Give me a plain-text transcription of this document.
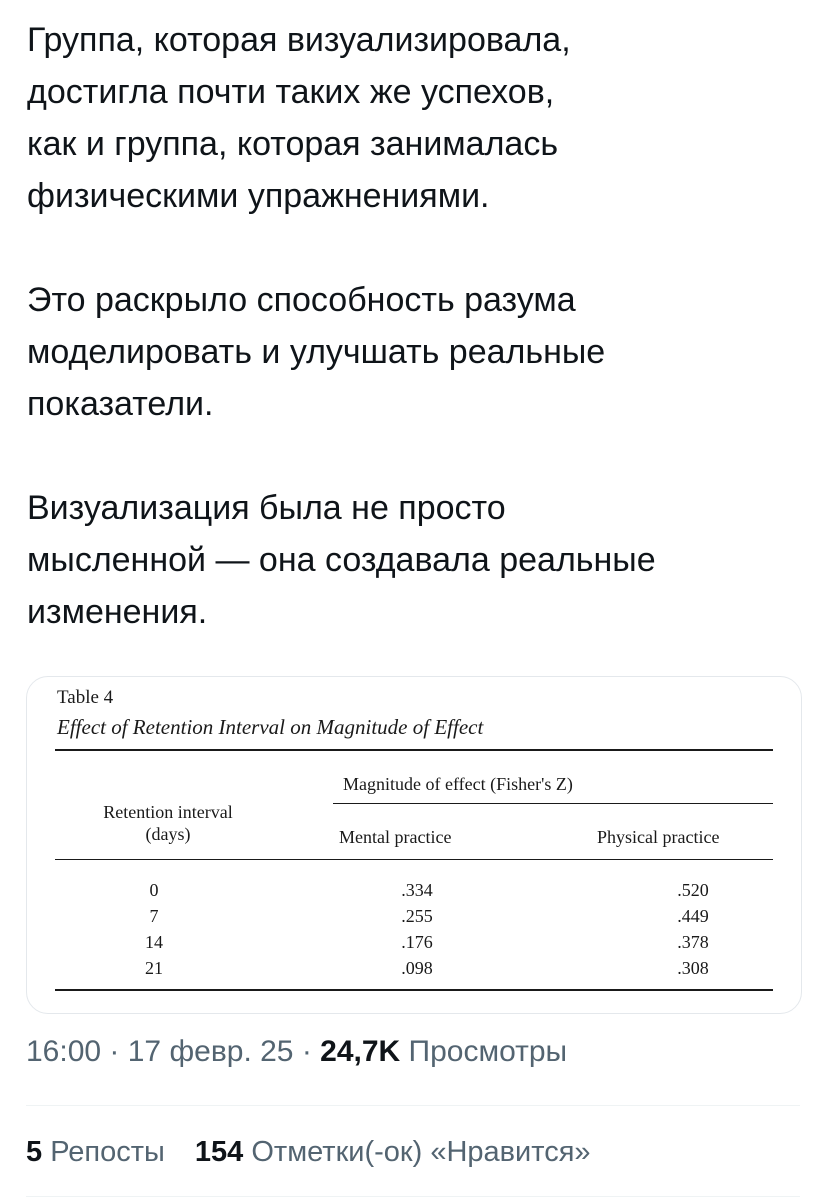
Группа, которая визуализировала,
достигла почти таких же успехов,
как и группа, которая занималась
физическими упражнениями.

Это раскрыло способность разума
моделировать и улучшать реальные
показатели.

Визуализация была не просто
мысленной — она создавала реальные
изменения.

Table 4
Effect of Retention Interval on Magnitude of Effect
Magnitude of effect (Fisher's Z)
Retention interval
(days)	Mental practice	Physical practice
0
7
14
21
.334
.255
.176
.098
.520
.449
.378
.308
16:00 · 17 февр. 25 · 24,7K Просмотры
5 Репосты 154 Отметки(-ок) «Нравится»
